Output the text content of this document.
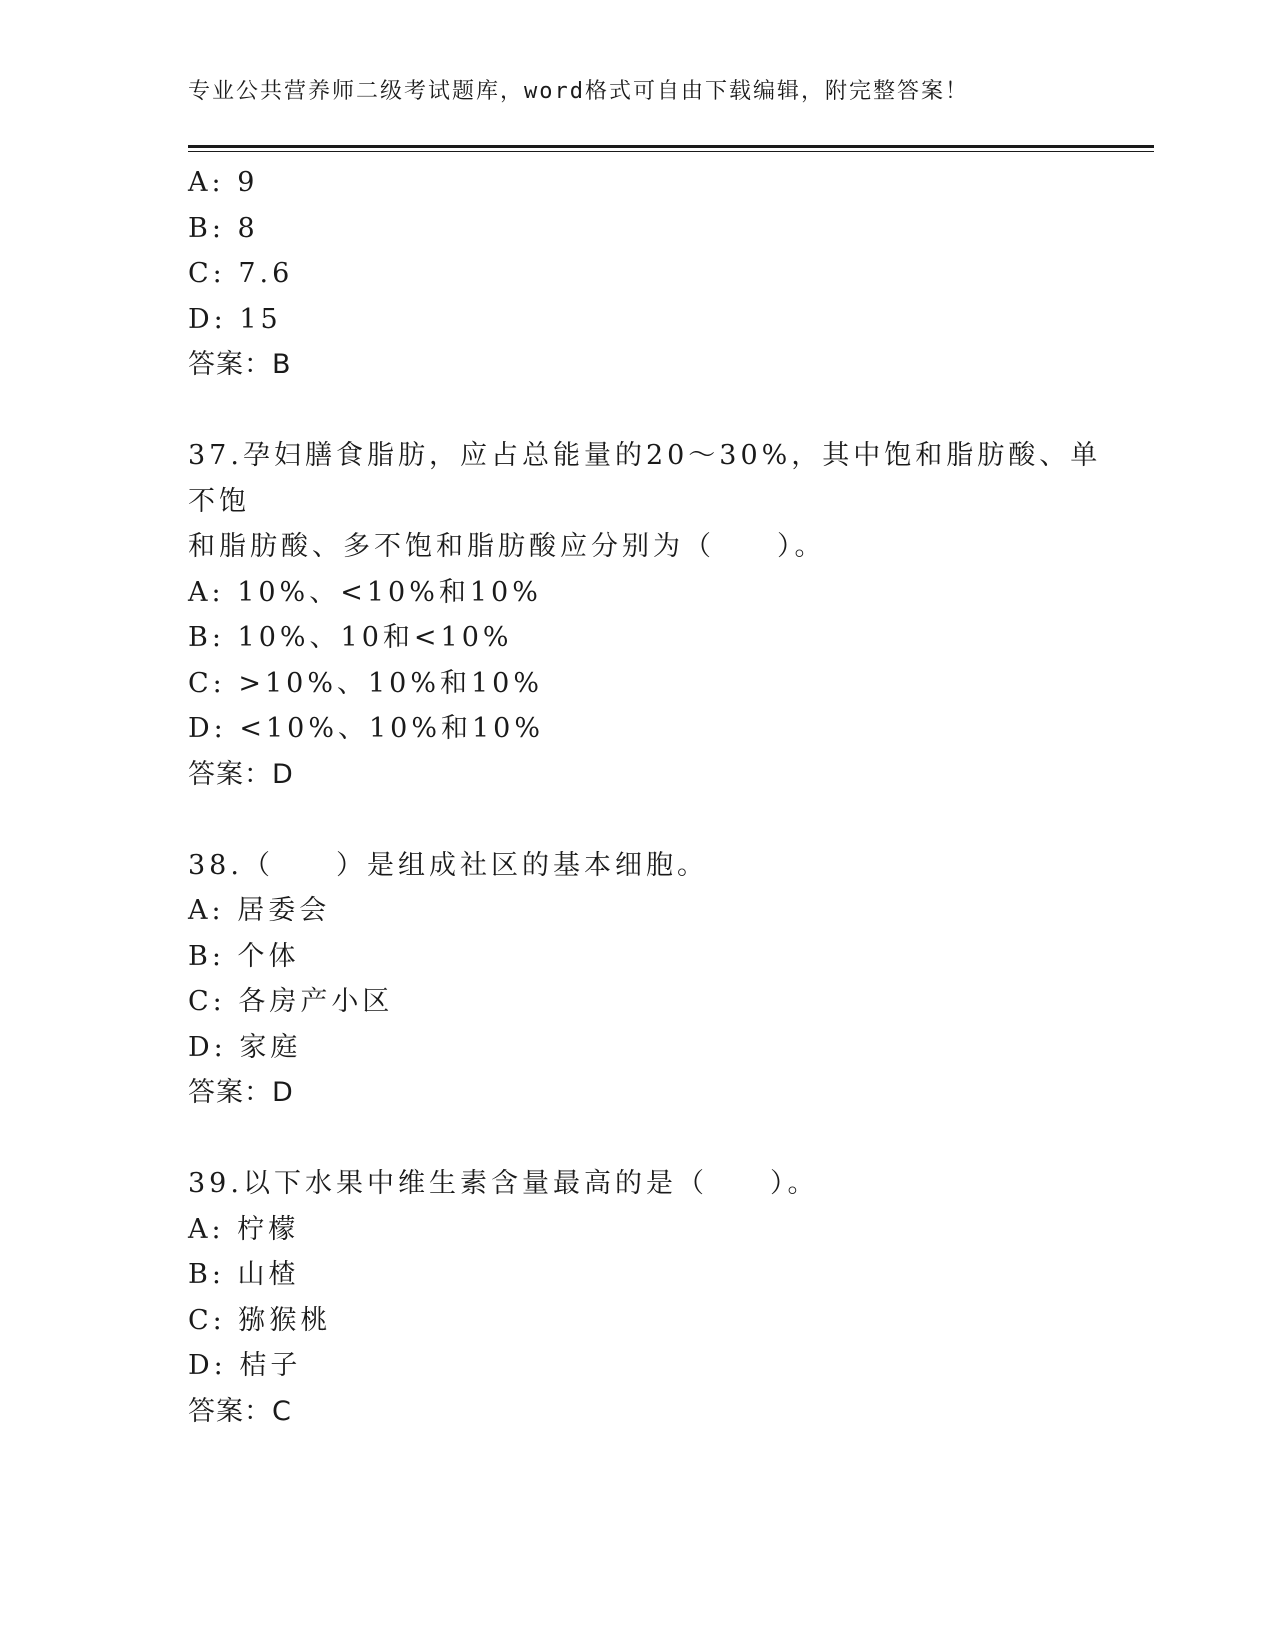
专业公共营养师二级考试题库，word格式可自由下载编辑，附完整答案！
A: 9
B: 8
C: 7.6
D: 15
答案：B
37.孕妇膳食脂肪，应占总能量的20～30%，其中饱和脂肪酸、单不饱
和脂肪酸、多不饱和脂肪酸应分别为（　　）。
A: 10%、<10%和10%
B: 10%、10和<10%
C: >10%、10%和10%
D: <10%、10%和10%
答案：D
38.（　　）是组成社区的基本细胞。
A: 居委会
B: 个体
C: 各房产小区
D: 家庭
答案：D
39.以下水果中维生素含量最高的是（　　）。
A: 柠檬
B: 山楂
C: 猕猴桃
D: 桔子
答案：C
